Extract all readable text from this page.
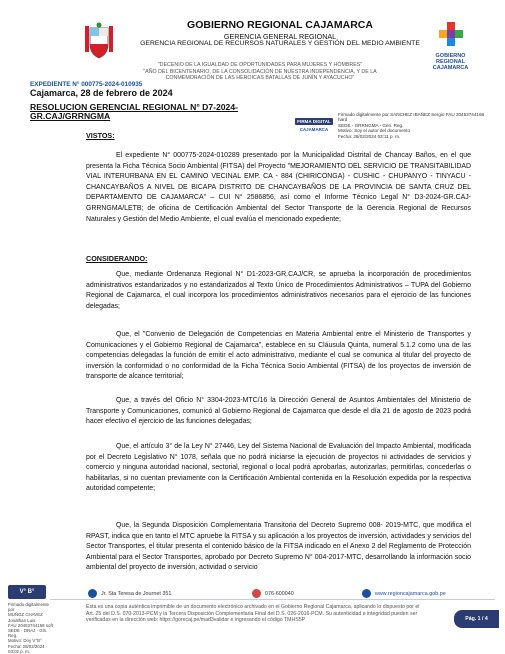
GOBIERNO REGIONAL CAJAMARCA
GERENCIA GENERAL REGIONAL
GERENCIA REGIONAL DE RECURSOS NATURALES Y GESTIÓN DEL MEDIO AMBIENTE
GOBIERNO REGIONAL
CAJAMARCA
"DECENIO DE LA IGUALDAD DE OPORTUNIDADES PARA MUJERES Y HOMBRES"
"AÑO DEL BICENTENARIO, DE LA CONSOLIDACIÓN DE NUESTRA INDEPENDENCIA, Y DE LA
CONMEMORACIÓN DE LAS HEROICAS BATALLAS DE JUNÍN Y AYACUCHO"
EXPEDIENTE N° 000775-2024-010935
Cajamarca, 28 de febrero de 2024
RESOLUCION GERENCIAL REGIONAL N° D7-2024-GR.CAJ/GRRNGMA
FIRMA DIGITAL
CAJAMARCA
Firmado digitalmente por SANCHEZ IBAÑEZ Sergio FAU 20453744168 hard
SEDE - GRRNGMA - Gen. Reg.
Motivo: Soy el autor del documento
Fecha: 28/02/2024 03:11 p. m.
VISTOS:
El expediente N° 000775-2024-010289 presentado por la Municipalidad Distrital de Chancay Baños, en el que presenta la Ficha Técnica Socio Ambiental (FITSA) del Proyecto "MEJORAMIENTO DEL SERVICIO DE TRANSITABILIDAD VIAL INTERURBANA EN EL CAMINO VECINAL EMP. CA - 884 (CHIRICONGA) - CUSHIC - CHUPANYO - TINYACU - CHANCAYBAÑOS A NIVEL DE BICAPA DISTRITO DE CHANCAYBAÑOS DE LA PROVINCIA DE SANTA CRUZ DEL DEPARTAMENTO DE CAJAMARCA" – CUI N° 2586856, así como el Informe Técnico Legal N° D3-2024-GR.CAJ-GRRNGMA/LETB; de oficina de Certificación Ambiental del Sector Transporte de la Gerencia Regional de Recursos Naturales y Gestión del Medio Ambiente, el cual evalúa el mencionado expediente;
CONSIDERANDO:
Que, mediante Ordenanza Regional N° D1-2023-GR.CAJ/CR, se aprueba la incorporación de procedimientos administrativos estandarizados y no estandarizados al Texto Único de Procedimientos Administrativos – TUPA del Gobierno Regional de Cajamarca, el cual incorpora los procedimientos administrativos necesarios para el ejercicio de las funciones delegadas;
Que, el "Convenio de Delegación de Competencias en Materia Ambiental entre el Ministerio de Transportes y Comunicaciones y el Gobierno Regional de Cajamarca", establece en su Cláusula Quinta, numeral 5.1.2 como una de las competencias delegadas la función de emitir el acto administrativo, mediante el cual se comunica al titular del proyecto de inversión la conformidad o no conformidad de la Ficha Técnica Socio Ambiental (FITSA) de los proyectos de inversión de transporte de alcance territorial;
Que, a través del Oficio N° 3304-2023-MTC/16 la Dirección General de Asuntos Ambientales del Ministerio de Transporte y Comunicaciones, comunicó al Gobierno Regional de Cajamarca que desde el día 21 de agosto de 2023 podrá hacer efectivo el ejercicio de las funciones delegadas;
Que, el artículo 3° de la Ley N° 27446, Ley del Sistema Nacional de Evaluación del Impacto Ambiental, modificada por el Decreto Legislativo N° 1078, señala que no podrá iniciarse la ejecución de proyectos ni actividades de servicios y comercio y ninguna autoridad nacional, sectorial, regional o local podrá aprobarlas, autorizarlas, permitirlas, concederlas o habilitarlas, si no cuentan previamente con la Certificación Ambiental contenida en la Resolución expedida por la respectiva autoridad competente;
Que, la Segunda Disposición Complementaria Transitoria del Decreto Supremo 008- 2019-MTC, que modifica el RPAST, indica que en tanto el MTC apruebe la FITSA y su aplicación a los proyectos de inversión, actividades y servicios del Sector Transportes, el titular presenta el contenido básico de la FITSA indicado en el Anexo 2 del Reglamento de Protección Ambiental para el Sector Transportes, aprobado por Decreto Supremo N° 004-2017-MTC, desarrollando la información socio ambiental del proyecto de inversión, actividad o servicio
V° B°	Jr. Sta Teresa de Journet 351	076-600040	www.regioncajamarca.gob.pe
Firmado digitalmente por
MUÑOZ CHAVEZ Jonathan Luis
FAU 20453744168 soft
SEDE - DRAJ - Gln. Reg.
Motivo: Doy V°B°
Fecha: 28/02/2024 03:02 p. m.
Esta es una copia auténtica imprimible de un documento electrónico archivado en el Gobierno Regional Cajamarca, aplicando lo dispuesto por el Art. 25 del D.S. 070-2013-PCM y la Tercera Disposición Complementaria Final del D.S. 026-2016-PCM. Su autenticidad e integridad pueden ser verificadas en la dirección web: https://gorecaj.pe/mad3validar e ingresando el código TMHS5P	Pág. 1 / 4
